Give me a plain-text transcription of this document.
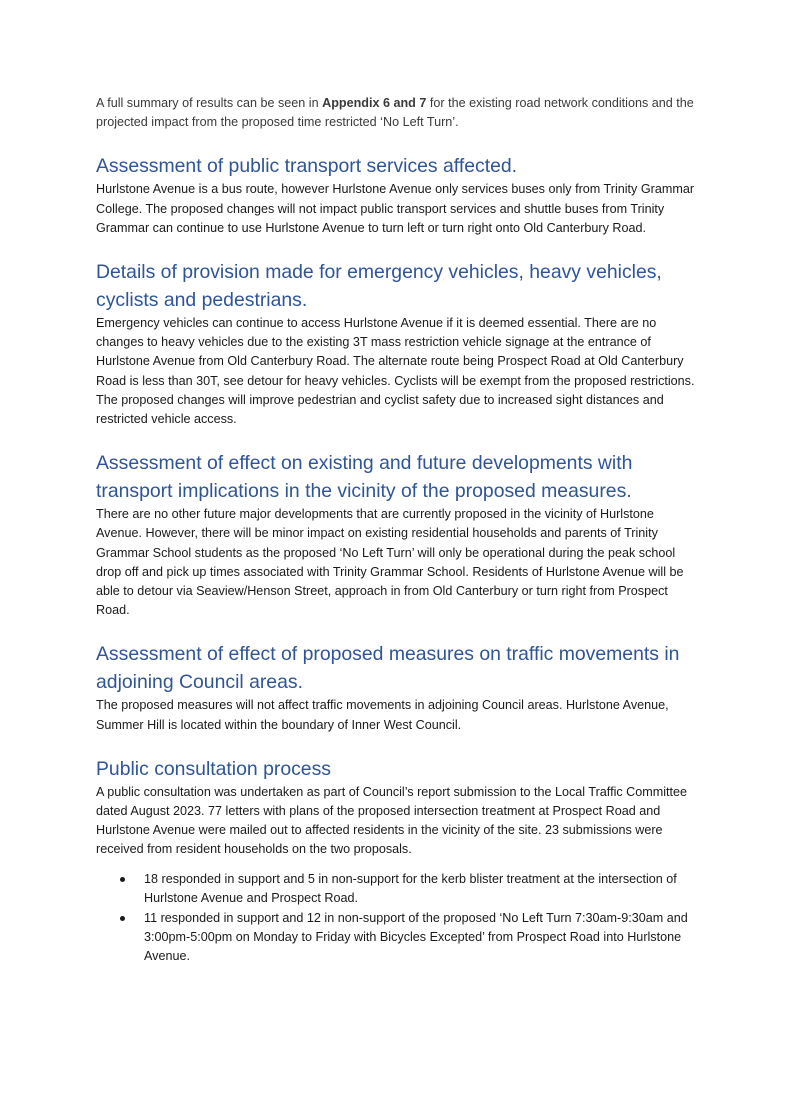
A full summary of results can be seen in Appendix 6 and 7 for the existing road network conditions and the projected impact from the proposed time restricted ‘No Left Turn’.

Assessment of public transport services affected.

Hurlstone Avenue is a bus route, however Hurlstone Avenue only services buses only from Trinity Grammar College. The proposed changes will not impact public transport services and shuttle buses from Trinity Grammar can continue to use Hurlstone Avenue to turn left or turn right onto Old Canterbury Road.

Details of provision made for emergency vehicles, heavy vehicles, cyclists and pedestrians.

Emergency vehicles can continue to access Hurlstone Avenue if it is deemed essential. There are no changes to heavy vehicles due to the existing 3T mass restriction vehicle signage at the entrance of Hurlstone Avenue from Old Canterbury Road. The alternate route being Prospect Road at Old Canterbury Road is less than 30T, see detour for heavy vehicles. Cyclists will be exempt from the proposed restrictions. The proposed changes will improve pedestrian and cyclist safety due to increased sight distances and restricted vehicle access.

Assessment of effect on existing and future developments with transport implications in the vicinity of the proposed measures.

There are no other future major developments that are currently proposed in the vicinity of Hurlstone Avenue. However, there will be minor impact on existing residential households and parents of Trinity Grammar School students as the proposed ‘No Left Turn’ will only be operational during the peak school drop off and pick up times associated with Trinity Grammar School. Residents of Hurlstone Avenue will be able to detour via Seaview/Henson Street, approach in from Old Canterbury or turn right from Prospect Road.

Assessment of effect of proposed measures on traffic movements in adjoining Council areas.

The proposed measures will not affect traffic movements in adjoining Council areas. Hurlstone Avenue, Summer Hill is located within the boundary of Inner West Council.

Public consultation process

A public consultation was undertaken as part of Council’s report submission to the Local Traffic Committee dated August 2023. 77 letters with plans of the proposed intersection treatment at Prospect Road and Hurlstone Avenue were mailed out to affected residents in the vicinity of the site. 23 submissions were received from resident households on the two proposals.

18 responded in support and 5 in non-support for the kerb blister treatment at the intersection of Hurlstone Avenue and Prospect Road.
11 responded in support and 12 in non-support of the proposed ‘No Left Turn 7:30am-9:30am and 3:00pm-5:00pm on Monday to Friday with Bicycles Excepted’ from Prospect Road into Hurlstone Avenue.
